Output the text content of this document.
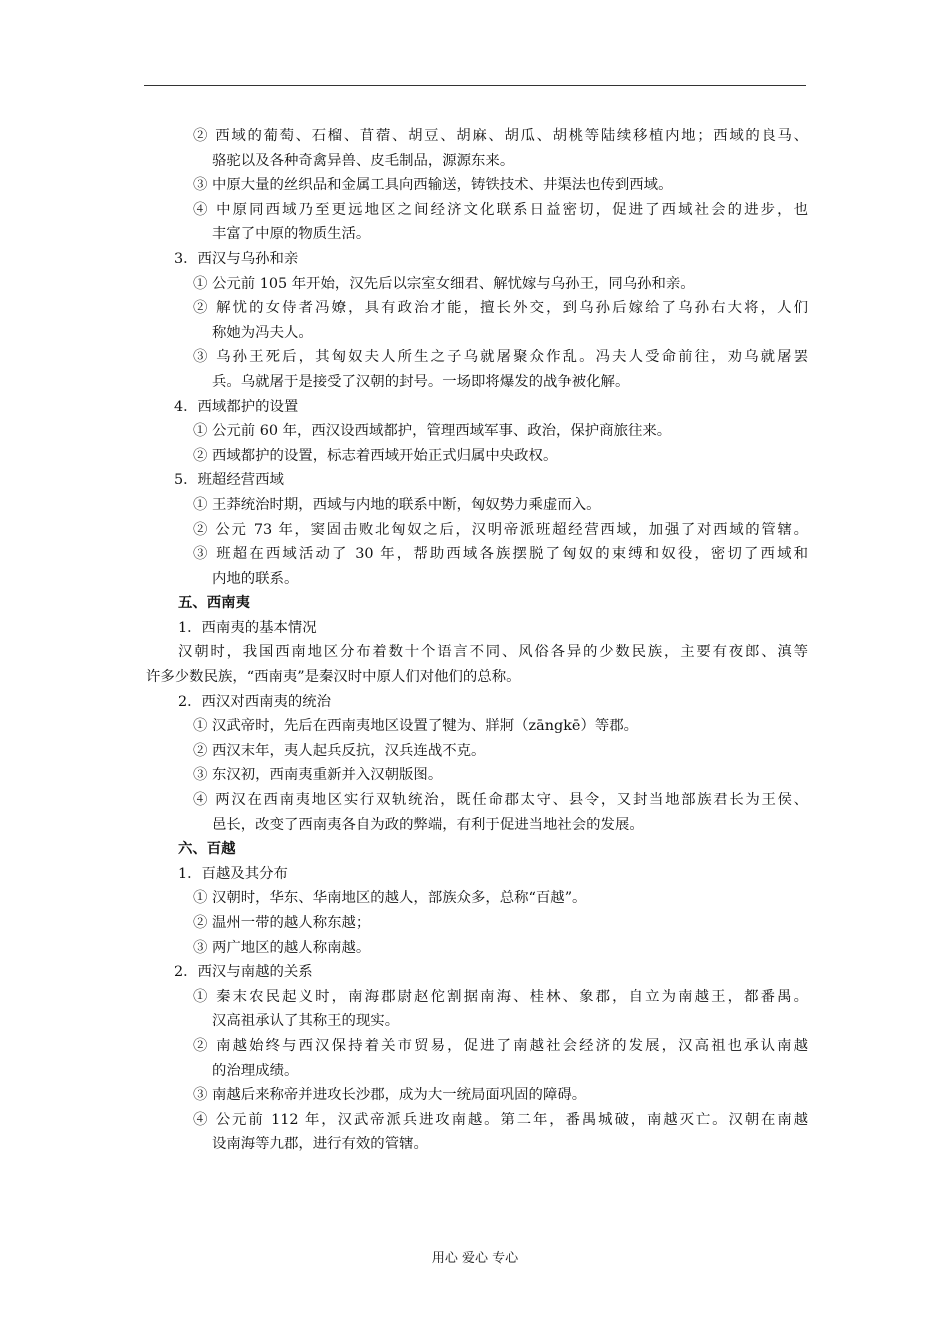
② 西域的葡萄、石榴、苜蓿、胡豆、胡麻、胡瓜、胡桃等陆续移植内地；西域的良马、
骆驼以及各种奇禽异兽、皮毛制品，源源东来。
③ 中原大量的丝织品和金属工具向西输送，铸铁技术、井渠法也传到西域。
④ 中原同西域乃至更远地区之间经济文化联系日益密切，促进了西域社会的进步，也
丰富了中原的物质生活。
3．西汉与乌孙和亲
① 公元前 105 年开始，汉先后以宗室女细君、解忧嫁与乌孙王，同乌孙和亲。
② 解忧的女侍者冯嫽，具有政治才能，擅长外交，到乌孙后嫁给了乌孙右大将，人们
称她为冯夫人。
③ 乌孙王死后，其匈奴夫人所生之子乌就屠聚众作乱。冯夫人受命前往，劝乌就屠罢
兵。乌就屠于是接受了汉朝的封号。一场即将爆发的战争被化解。
4．西域都护的设置
① 公元前 60 年，西汉设西域都护，管理西域军事、政治，保护商旅往来。
② 西域都护的设置，标志着西域开始正式归属中央政权。
5．班超经营西域
① 王莽统治时期，西域与内地的联系中断，匈奴势力乘虚而入。
② 公元 73 年，窦固击败北匈奴之后，汉明帝派班超经营西域，加强了对西域的管辖。
③ 班超在西域活动了 30 年，帮助西域各族摆脱了匈奴的束缚和奴役，密切了西域和
内地的联系。
五、西南夷
1．西南夷的基本情况
汉朝时，我国西南地区分布着数十个语言不同、风俗各异的少数民族，主要有夜郎、滇等
许多少数民族，“西南夷”是秦汉时中原人们对他们的总称。
2．西汉对西南夷的统治
① 汉武帝时，先后在西南夷地区设置了犍为、牂牁（zāngkē）等郡。
② 西汉末年，夷人起兵反抗，汉兵连战不克。
③ 东汉初，西南夷重新并入汉朝版图。
④ 两汉在西南夷地区实行双轨统治，既任命郡太守、县令，又封当地部族君长为王侯、
邑长，改变了西南夷各自为政的弊端，有利于促进当地社会的发展。
六、百越
1．百越及其分布
① 汉朝时，华东、华南地区的越人，部族众多，总称“百越”。
② 温州一带的越人称东越；
③ 两广地区的越人称南越。
2．西汉与南越的关系
① 秦末农民起义时，南海郡尉赵佗割据南海、桂林、象郡，自立为南越王，都番禺。
汉高祖承认了其称王的现实。
② 南越始终与西汉保持着关市贸易，促进了南越社会经济的发展，汉高祖也承认南越
的治理成绩。
③ 南越后来称帝并进攻长沙郡，成为大一统局面巩固的障碍。
④ 公元前 112 年，汉武帝派兵进攻南越。第二年，番禺城破，南越灭亡。汉朝在南越
设南海等九郡，进行有效的管辖。
用心 爱心 专心
